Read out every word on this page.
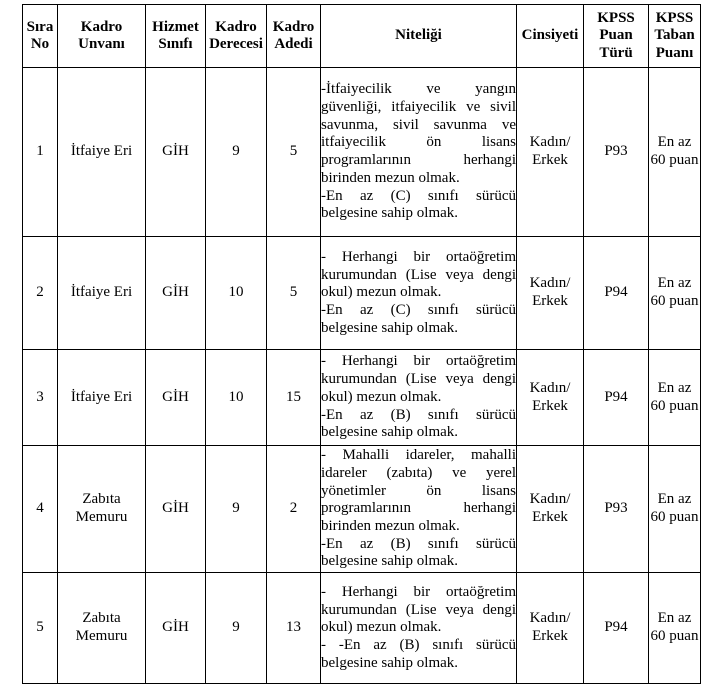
Sıra
No	Kadro
Unvanı	Hizmet
Sınıfı	Kadro
Derecesi	Kadro
Adedi	Niteliği	Cinsiyeti	KPSS
Puan
Türü	KPSS
Taban
Puanı

1	İtfaiye Eri	GİH	9	5	-İtfaiyecilik ve yangın güvenliği, itfaiyecilik ve sivil savunma, sivil savunma ve itfaiyecilik ön lisans programlarının herhangi birinden mezun olmak.
-En az (C) sınıfı sürücü belgesine sahip olmak.	Kadın/
Erkek	P93	En az
60 puan

2	İtfaiye Eri	GİH	10	5	- Herhangi bir ortaöğretim kurumundan (Lise veya dengi okul) mezun olmak.
-En az (C) sınıfı sürücü belgesine sahip olmak.	Kadın/
Erkek	P94	En az
60 puan

3	İtfaiye Eri	GİH	10	15	- Herhangi bir ortaöğretim kurumundan (Lise veya dengi okul) mezun olmak.
-En az (B) sınıfı sürücü belgesine sahip olmak.	Kadın/
Erkek	P94	En az
60 puan

4	Zabıta
Memuru	GİH	9	2	- Mahalli idareler, mahalli idareler (zabıta) ve yerel yönetimler ön lisans programlarının herhangi birinden mezun olmak.
-En az (B) sınıfı sürücü belgesine sahip olmak.	Kadın/
Erkek	P93	En az
60 puan

5	Zabıta
Memuru	GİH	9	13	- Herhangi bir ortaöğretim kurumundan (Lise veya dengi okul) mezun olmak.
- -En az (B) sınıfı sürücü belgesine sahip olmak.	Kadın/
Erkek	P94	En az
60 puan
